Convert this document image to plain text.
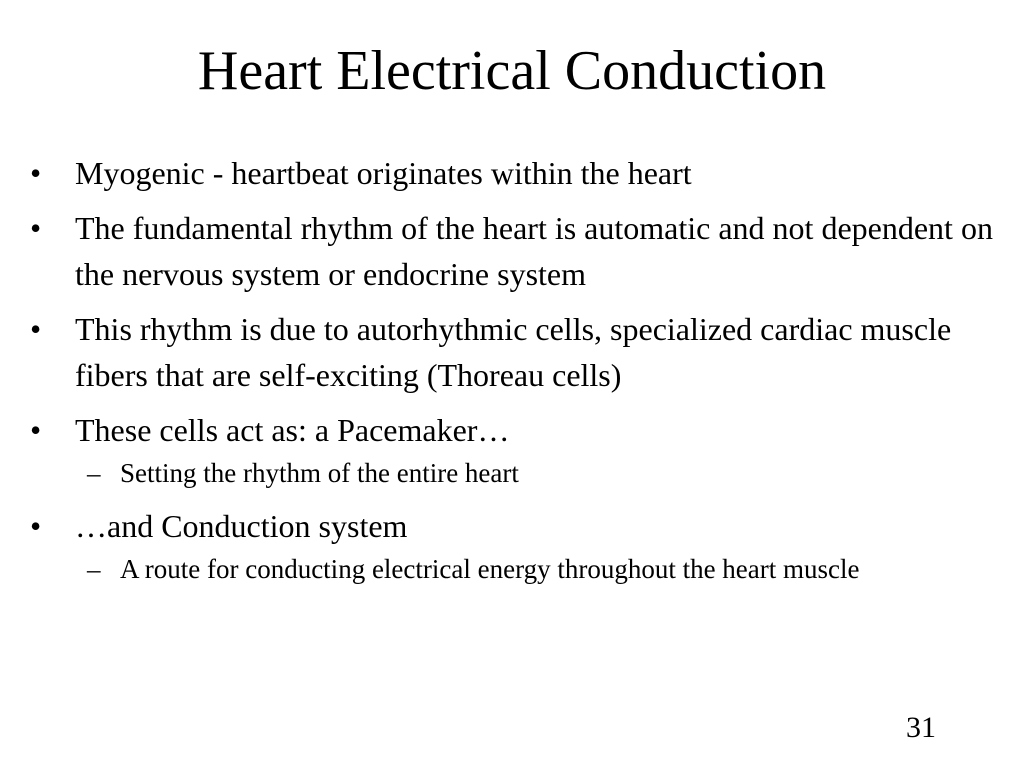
Heart Electrical Conduction
•	Myogenic - heartbeat originates within the heart
•	The fundamental rhythm of the heart is automatic and not dependent on the nervous system or endocrine system
•	This rhythm is due to autorhythmic cells, specialized cardiac muscle fibers that are self-exciting (Thoreau cells)
•	These cells act as: a Pacemaker…
– Setting the rhythm of the entire heart
•	…and Conduction system
– A route for conducting electrical energy throughout the heart muscle
31
